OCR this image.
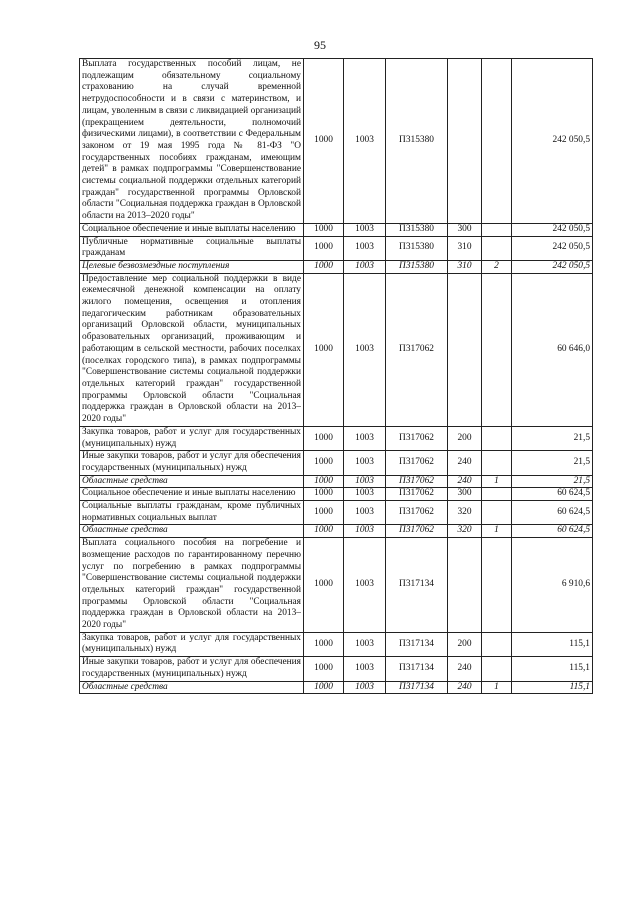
95
Выплата государственных пособий лицам, не подлежащим обязательному социальному страхованию на случай временной нетрудоспособности и в связи с материнством, и лицам, уволенным в связи с ликвидацией организаций (прекращением деятельности, полномочий физическими лицами), в соответствии с Федеральным законом от 19 мая 1995 года № 81-ФЗ "О государственных пособиях гражданам, имеющим детей" в рамках подпрограммы "Совершенствование системы социальной поддержки отдельных категорий граждан" государственной программы Орловской области "Социальная поддержка граждан в Орловской области на 2013–2020 годы"	1000	1003	П315380			242 050,5
Социальное обеспечение и иные выплаты населению	1000	1003	П315380	300		242 050,5
Публичные нормативные социальные выплаты гражданам	1000	1003	П315380	310		242 050,5
Целевые безвозмездные поступления	1000	1003	П315380	310	2	242 050,5
Предоставление мер социальной поддержки в виде ежемесячной денежной компенсации на оплату жилого помещения, освещения и отопления педагогическим работникам образовательных организаций Орловской области, муниципальных образовательных организаций, проживающим и работающим в сельской местности, рабочих поселках (поселках городского типа), в рамках подпрограммы "Совершенствование системы социальной поддержки отдельных категорий граждан" государственной программы Орловской области "Социальная поддержка граждан в Орловской области на 2013–2020 годы"	1000	1003	П317062			60 646,0
Закупка товаров, работ и услуг для государственных (муниципальных) нужд	1000	1003	П317062	200		21,5
Иные закупки товаров, работ и услуг для обеспечения государственных (муниципальных) нужд	1000	1003	П317062	240		21,5
Областные средства	1000	1003	П317062	240	1	21,5
Социальное обеспечение и иные выплаты населению	1000	1003	П317062	300		60 624,5
Социальные выплаты гражданам, кроме публичных нормативных социальных выплат	1000	1003	П317062	320		60 624,5
Областные средства	1000	1003	П317062	320	1	60 624,5
Выплата социального пособия на погребение и возмещение расходов по гарантированному перечню услуг по погребению в рамках подпрограммы "Совершенствование системы социальной поддержки отдельных категорий граждан" государственной программы Орловской области "Социальная поддержка граждан в Орловской области на 2013–2020 годы"	1000	1003	П317134			6 910,6
Закупка товаров, работ и услуг для государственных (муниципальных) нужд	1000	1003	П317134	200		115,1
Иные закупки товаров, работ и услуг для обеспечения государственных (муниципальных) нужд	1000	1003	П317134	240		115,1
Областные средства	1000	1003	П317134	240	1	115,1
